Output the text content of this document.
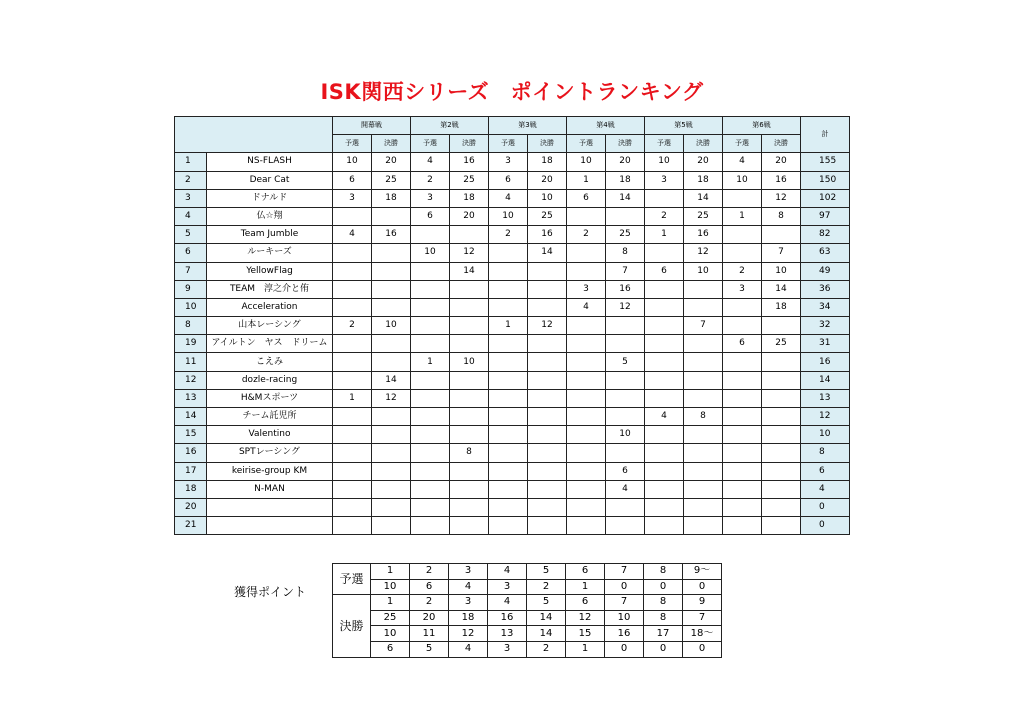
ISK関西シリーズ　ポイントランキング
		開幕戦		第2戦		第3戦		第4戦		第5戦		第6戦		計
		予選	決勝	予選	決勝	予選	決勝	予選	決勝	予選	決勝	予選	決勝	
1	NS-FLASH	10	20	4	16	3	18	10	20	10	20	4	20	155
2	Dear Cat	6	25	2	25	6	20	1	18	3	18	10	16	150
3	ドナルド	3	18	3	18	4	10	6	14		14		12	102
4	仏☆翔			6	20	10	25			2	25	1	8	97
5	Team Jumble	4	16			2	16	2	25	1	16			82
6	ルーキーズ			10	12		14		8		12		7	63
7	YellowFlag				14				7	6	10	2	10	49
9	TEAM　淳之介と侑							3	16			3	14	36
10	Acceleration							4	12				18	34
8	山本レーシング	2	10			1	12				7			32
19	アイルトン　ヤス　ドリーム											6	25	31
11	こえみ			1	10				5					16
12	dozle-racing		14											14
13	H&Mスポーツ	1	12											13
14	チーム託児所									4	8			12
15	Valentino								10					10
16	SPTレーシング				8									8
17	keirise-group KM								6					6
18	N-MAN								4					4
20														0
21														0
獲得ポイント
予選	1	2	3	4	5	6	7	8	9〜
	10	6	4	3	2	1	0	0	0
決勝	1	2	3	4	5	6	7	8	9
	25	20	18	16	14	12	10	8	7
	10	11	12	13	14	15	16	17	18〜
	6	5	4	3	2	1	0	0	0
